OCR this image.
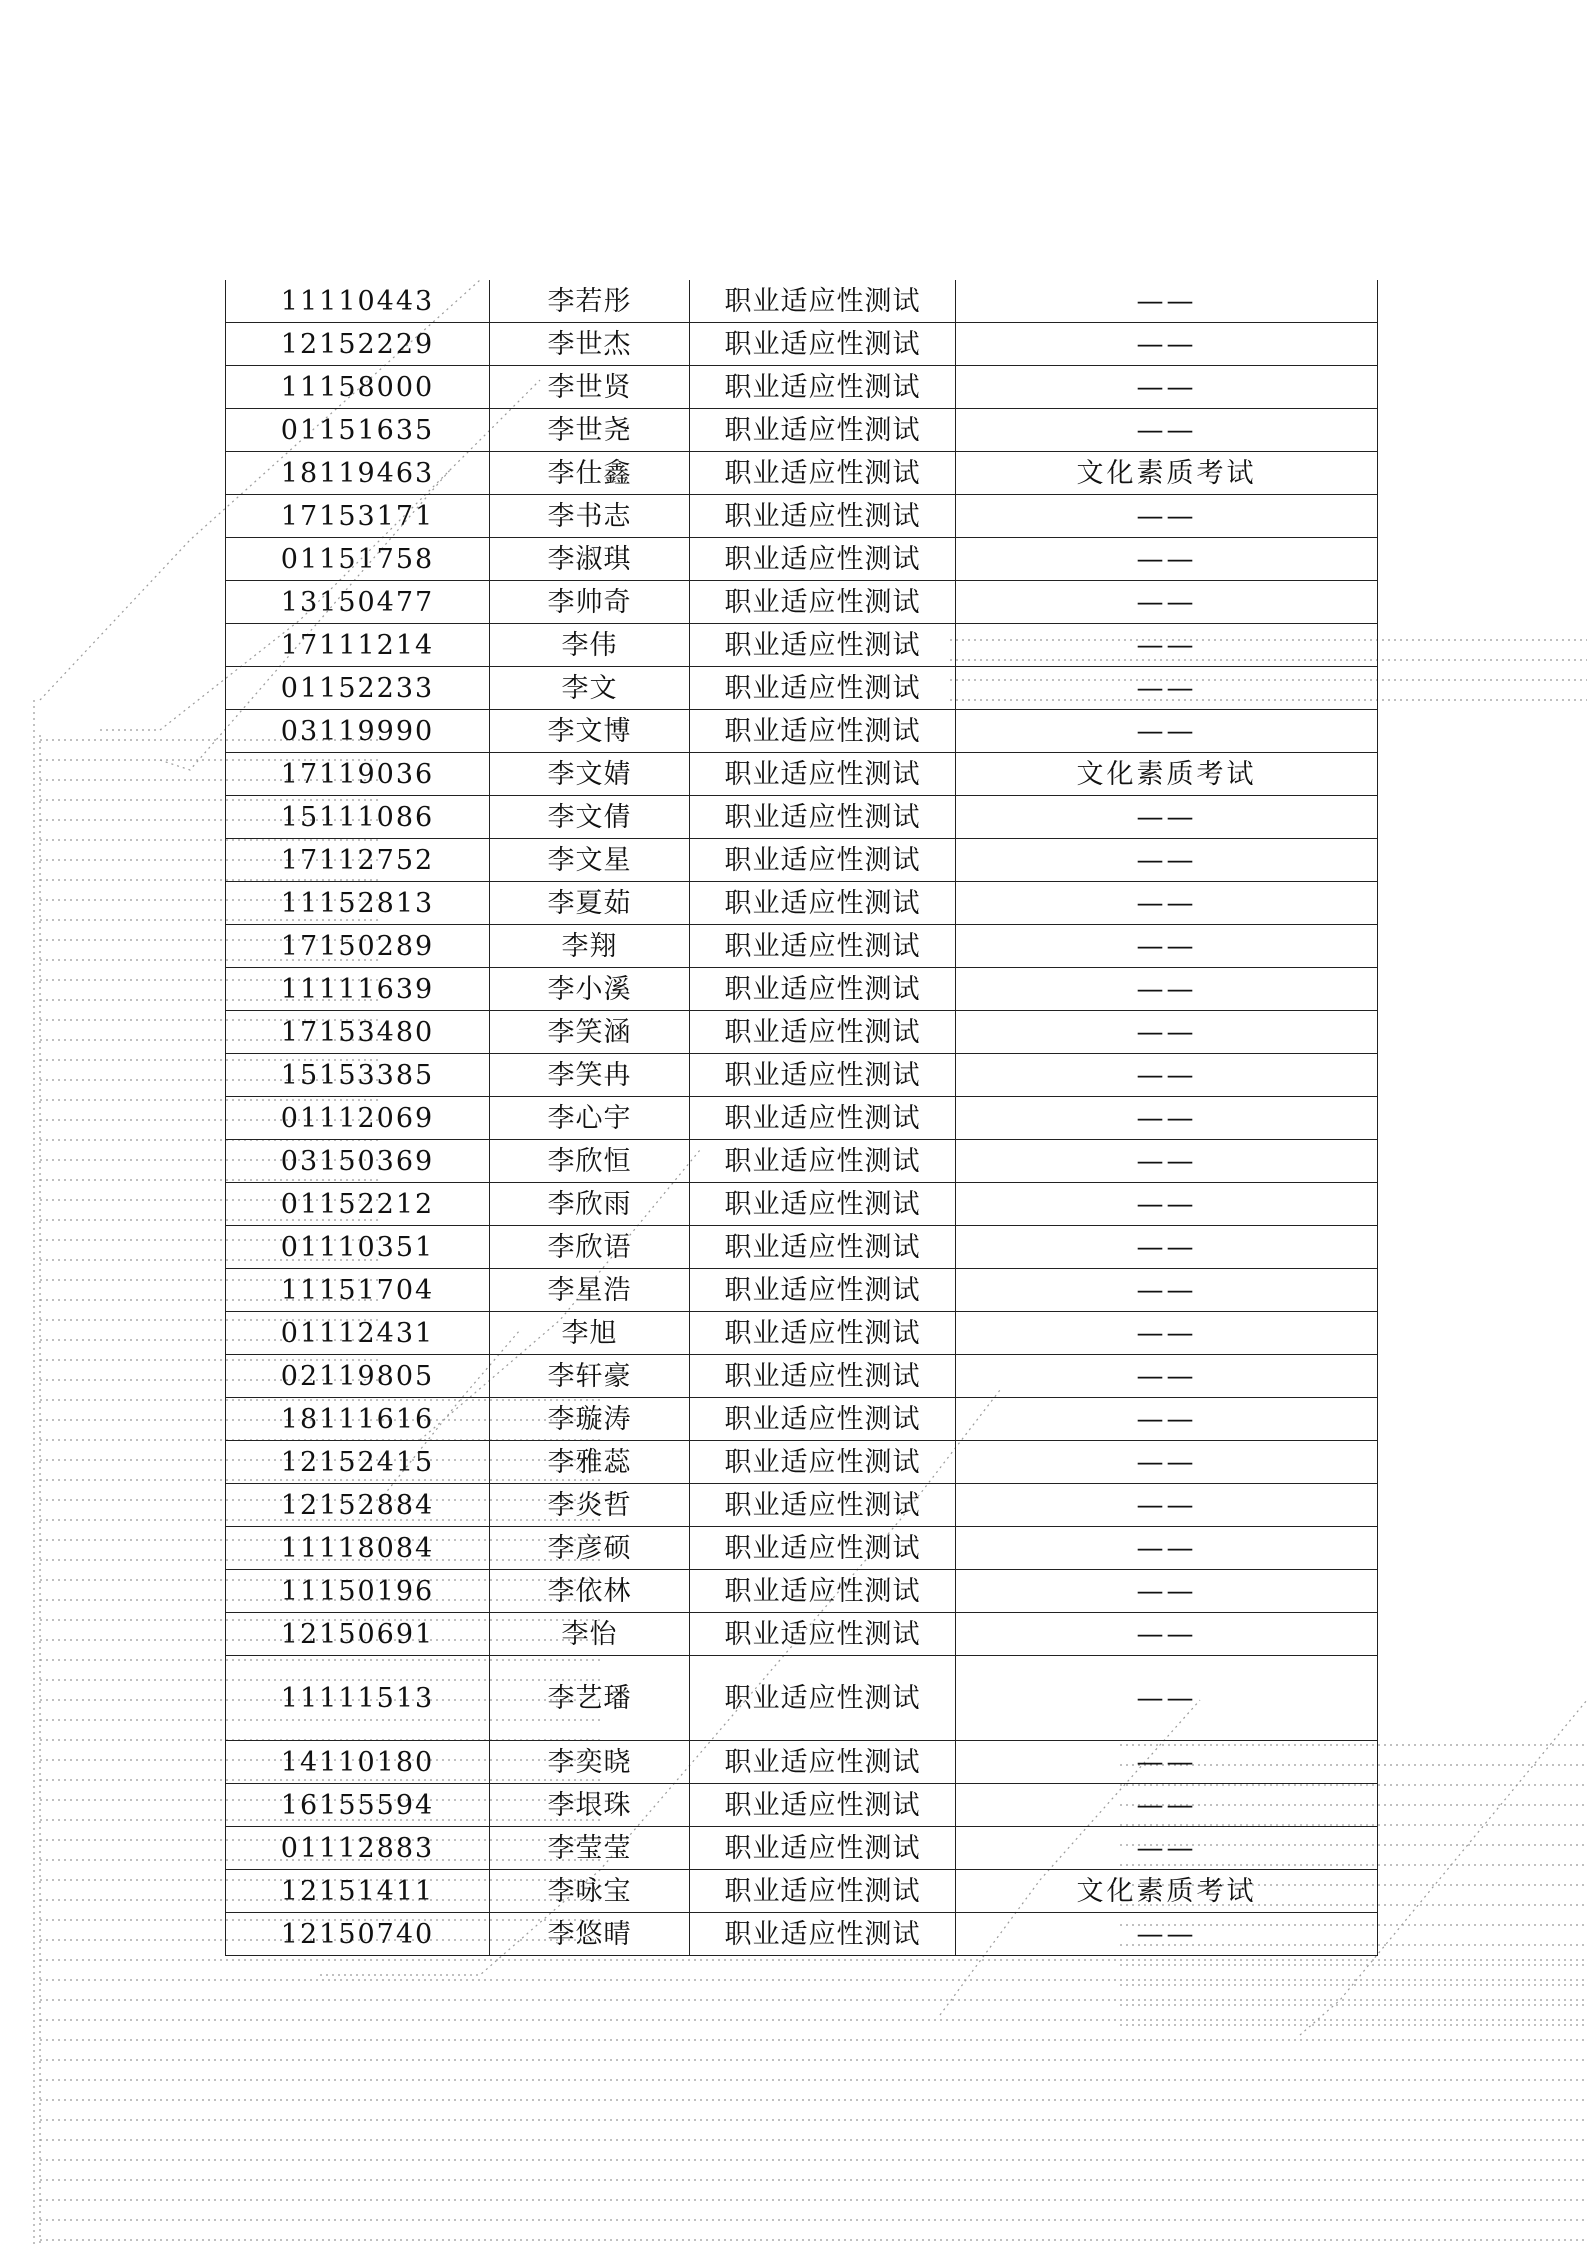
11110443	李若彤	职业适应性测试	——
12152229	李世杰	职业适应性测试	——
11158000	李世贤	职业适应性测试	——
01151635	李世尧	职业适应性测试	——
18119463	李仕鑫	职业适应性测试	文化素质考试
17153171	李书志	职业适应性测试	——
01151758	李淑琪	职业适应性测试	——
13150477	李帅奇	职业适应性测试	——
17111214	李伟	职业适应性测试	——
01152233	李文	职业适应性测试	——
03119990	李文博	职业适应性测试	——
17119036	李文婧	职业适应性测试	文化素质考试
15111086	李文倩	职业适应性测试	——
17112752	李文星	职业适应性测试	——
11152813	李夏茹	职业适应性测试	——
17150289	李翔	职业适应性测试	——
11111639	李小溪	职业适应性测试	——
17153480	李笑涵	职业适应性测试	——
15153385	李笑冉	职业适应性测试	——
01112069	李心宇	职业适应性测试	——
03150369	李欣恒	职业适应性测试	——
01152212	李欣雨	职业适应性测试	——
01110351	李欣语	职业适应性测试	——
11151704	李星浩	职业适应性测试	——
01112431	李旭	职业适应性测试	——
02119805	李轩豪	职业适应性测试	——
18111616	李璇涛	职业适应性测试	——
12152415	李雅蕊	职业适应性测试	——
12152884	李炎哲	职业适应性测试	——
11118084	李彦硕	职业适应性测试	——
11150196	李依林	职业适应性测试	——
12150691	李怡	职业适应性测试	——
11111513	李艺璠	职业适应性测试	——
14110180	李奕晓	职业适应性测试	——
16155594	李垠珠	职业适应性测试	——
01112883	李莹莹	职业适应性测试	——
12151411	李咏宝	职业适应性测试	文化素质考试
12150740	李悠晴	职业适应性测试	——
